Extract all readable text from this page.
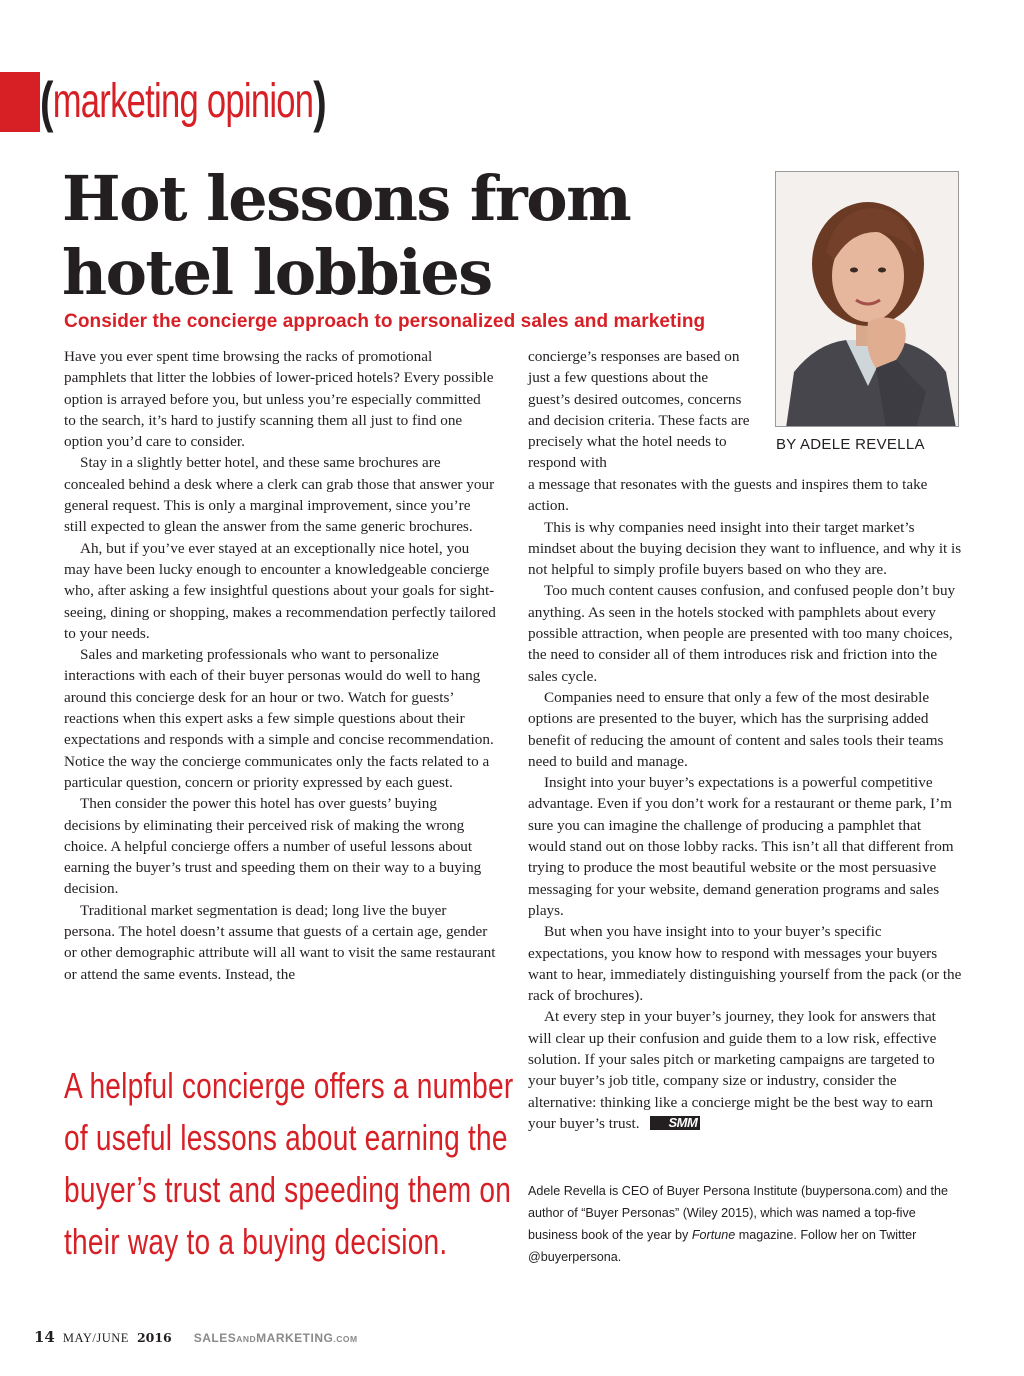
( marketing opinion )
Hot lessons from
hotel lobbies

Consider the concierge approach to personalized sales and marketing

BY ADELE REVELLA

Have you ever spent time browsing the racks of promotional pamphlets that litter the lobbies of lower-priced hotels? Every possible option is arrayed before you, but unless you’re especially committed to the search, it’s hard to justify scanning them all just to find one option you’d care to consider.

Stay in a slightly better hotel, and these same brochures are concealed behind a desk where a clerk can grab those that answer your general request. This is only a marginal improvement, since you’re still expected to glean the answer from the same generic brochures.

Ah, but if you’ve ever stayed at an exceptionally nice hotel, you may have been lucky enough to encounter a knowledgeable concierge who, after asking a few insightful questions about your goals for sight-seeing, dining or shopping, makes a recommendation perfectly tailored to your needs.

Sales and marketing professionals who want to personalize interactions with each of their buyer personas would do well to hang around this concierge desk for an hour or two. Watch for guests’ reactions when this expert asks a few simple questions about their expectations and responds with a simple and concise recommendation. Notice the way the concierge communicates only the facts related to a particular question, concern or priority expressed by each guest.

Then consider the power this hotel has over guests’ buying decisions by eliminating their perceived risk of making the wrong choice. A helpful concierge offers a number of useful lessons about earning the buyer’s trust and speeding them on their way to a buying decision.

Traditional market segmentation is dead; long live the buyer persona. The hotel doesn’t assume that guests of a certain age, gender or other demographic attribute will all want to visit the same restaurant or attend the same events. Instead, the

concierge’s responses are based on just a few questions about the guest’s desired outcomes, concerns and decision criteria. These facts are precisely what the hotel needs to respond with

a message that resonates with the guests and inspires them to take action.

This is why companies need insight into their target market’s mindset about the buying decision they want to influence, and why it is not helpful to simply profile buyers based on who they are.

Too much content causes confusion, and confused people don’t buy anything. As seen in the hotels stocked with pamphlets about every possible attraction, when people are presented with too many choices, the need to consider all of them introduces risk and friction into the sales cycle.

Companies need to ensure that only a few of the most desirable options are presented to the buyer, which has the surprising added benefit of reducing the amount of content and sales tools their teams need to build and manage.

Insight into your buyer’s expectations is a powerful competitive advantage. Even if you don’t work for a restaurant or theme park, I’m sure you can imagine the challenge of producing a pamphlet that would stand out on those lobby racks. This isn’t all that different from trying to produce the most beautiful website or the most persuasive messaging for your website, demand generation programs and sales plays.

But when you have insight into to your buyer’s specific expectations, you know how to respond with messages your buyers want to hear, immediately distinguishing yourself from the pack (or the rack of brochures).

At every step in your buyer’s journey, they look for answers that will clear up their confusion and guide them to a low risk, effective solution. If your sales pitch or marketing campaigns are targeted to your buyer’s job title, company size or industry, consider the alternative: thinking like a concierge might be the best way to earn your buyer’s trust. SMM

A helpful concierge offers a number of useful lessons about earning the buyer’s trust and speeding them on their way to a buying decision.

Adele Revella is CEO of Buyer Persona Institute (buypersona.com) and the author of “Buyer Personas” (Wiley 2015), which was named a top-five business book of the year by Fortune magazine. Follow her on Twitter @buyerpersona.

14 MAY/JUNE 2016 SALESANDMARKETING.COM
